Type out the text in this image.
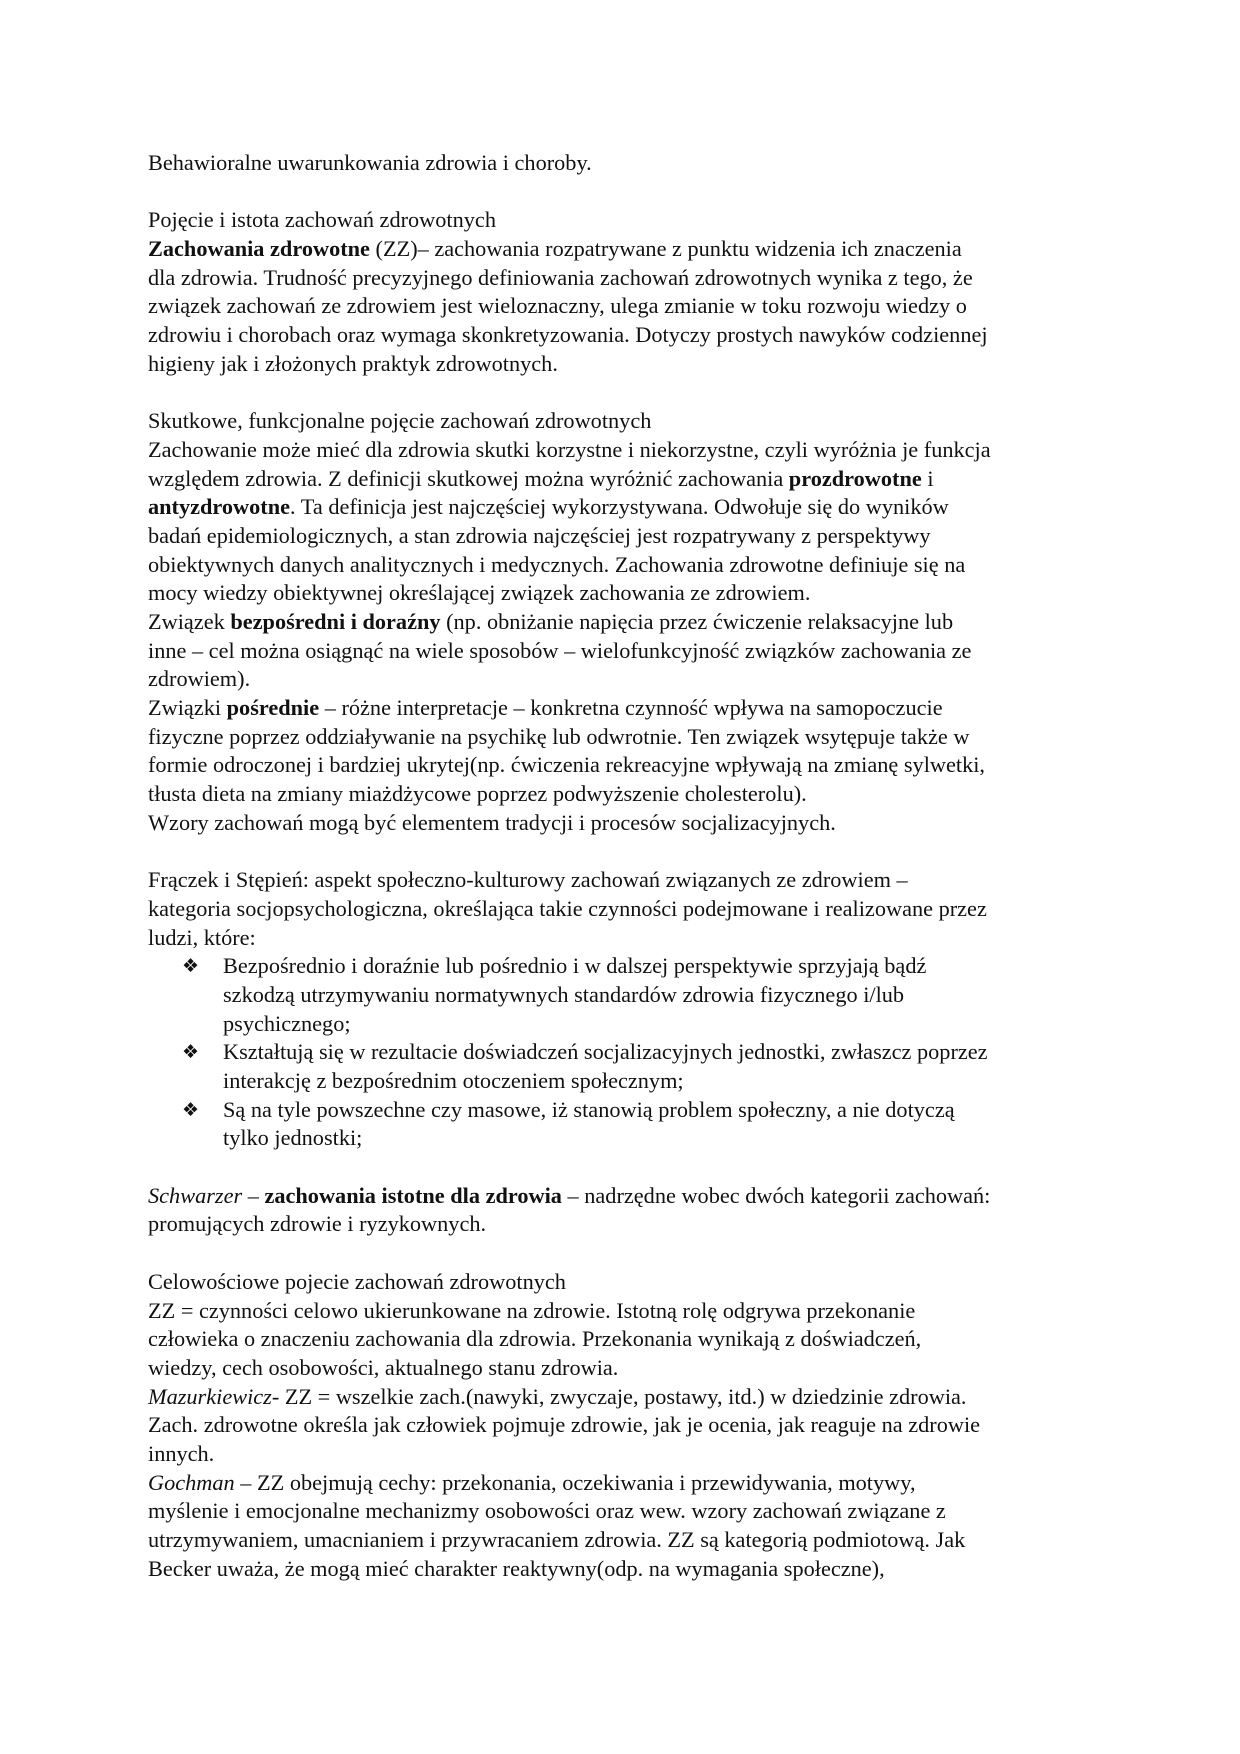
Behawioralne uwarunkowania zdrowia i choroby.
Pojęcie i istota zachowań zdrowotnych
Zachowania zdrowotne (ZZ)– zachowania rozpatrywane z punktu widzenia ich znaczenia
dla zdrowia. Trudność precyzyjnego definiowania zachowań zdrowotnych wynika z tego, że
związek zachowań ze zdrowiem jest wieloznaczny, ulega zmianie w toku rozwoju wiedzy o
zdrowiu i chorobach oraz wymaga skonkretyzowania. Dotyczy prostych nawyków codziennej
higieny jak i złożonych praktyk zdrowotnych.
Skutkowe, funkcjonalne pojęcie zachowań zdrowotnych
Zachowanie może mieć dla zdrowia skutki korzystne i niekorzystne, czyli wyróżnia je funkcja
względem zdrowia. Z definicji skutkowej można wyróżnić zachowania prozdrowotne i
antyzdrowotne. Ta definicja jest najczęściej wykorzystywana. Odwołuje się do wyników
badań epidemiologicznych, a stan zdrowia najczęściej jest rozpatrywany z perspektywy
obiektywnych danych analitycznych i medycznych. Zachowania zdrowotne definiuje się na
mocy wiedzy obiektywnej określającej związek zachowania ze zdrowiem.
Związek bezpośredni i doraźny (np. obniżanie napięcia przez ćwiczenie relaksacyjne lub
inne – cel można osiągnąć na wiele sposobów – wielofunkcyjność związków zachowania ze
zdrowiem).
Związki pośrednie – różne interpretacje – konkretna czynność wpływa na samopoczucie
fizyczne poprzez oddziaływanie na psychikę lub odwrotnie. Ten związek wsytępuje także w
formie odroczonej i bardziej ukrytej(np. ćwiczenia rekreacyjne wpływają na zmianę sylwetki,
tłusta dieta na zmiany miażdżycowe poprzez podwyższenie cholesterolu).
Wzory zachowań mogą być elementem tradycji i procesów socjalizacyjnych.
Frączek i Stępień: aspekt społeczno-kulturowy zachowań związanych ze zdrowiem –
kategoria socjopsychologiczna, określająca takie czynności podejmowane i realizowane przez
ludzi, które:
❖ Bezpośrednio i doraźnie lub pośrednio i w dalszej perspektywie sprzyjają bądź
szkodzą utrzymywaniu normatywnych standardów zdrowia fizycznego i/lub
psychicznego;
❖ Kształtują się w rezultacie doświadczeń socjalizacyjnych jednostki, zwłaszcz poprzez
interakcję z bezpośrednim otoczeniem społecznym;
❖ Są na tyle powszechne czy masowe, iż stanowią problem społeczny, a nie dotyczą
tylko jednostki;
Schwarzer – zachowania istotne dla zdrowia – nadrzędne wobec dwóch kategorii zachowań:
promujących zdrowie i ryzykownych.
Celowościowe pojecie zachowań zdrowotnych
ZZ = czynności celowo ukierunkowane na zdrowie. Istotną rolę odgrywa przekonanie
człowieka o znaczeniu zachowania dla zdrowia. Przekonania wynikają z doświadczeń,
wiedzy, cech osobowości, aktualnego stanu zdrowia.
Mazurkiewicz- ZZ = wszelkie zach.(nawyki, zwyczaje, postawy, itd.) w dziedzinie zdrowia.
Zach. zdrowotne określa jak człowiek pojmuje zdrowie, jak je ocenia, jak reaguje na zdrowie
innych.
Gochman – ZZ obejmują cechy: przekonania, oczekiwania i przewidywania, motywy,
myślenie i emocjonalne mechanizmy osobowości oraz wew. wzory zachowań związane z
utrzymywaniem, umacnianiem i przywracaniem zdrowia. ZZ są kategorią podmiotową. Jak
Becker uważa, że mogą mieć charakter reaktywny(odp. na wymagania społeczne),
